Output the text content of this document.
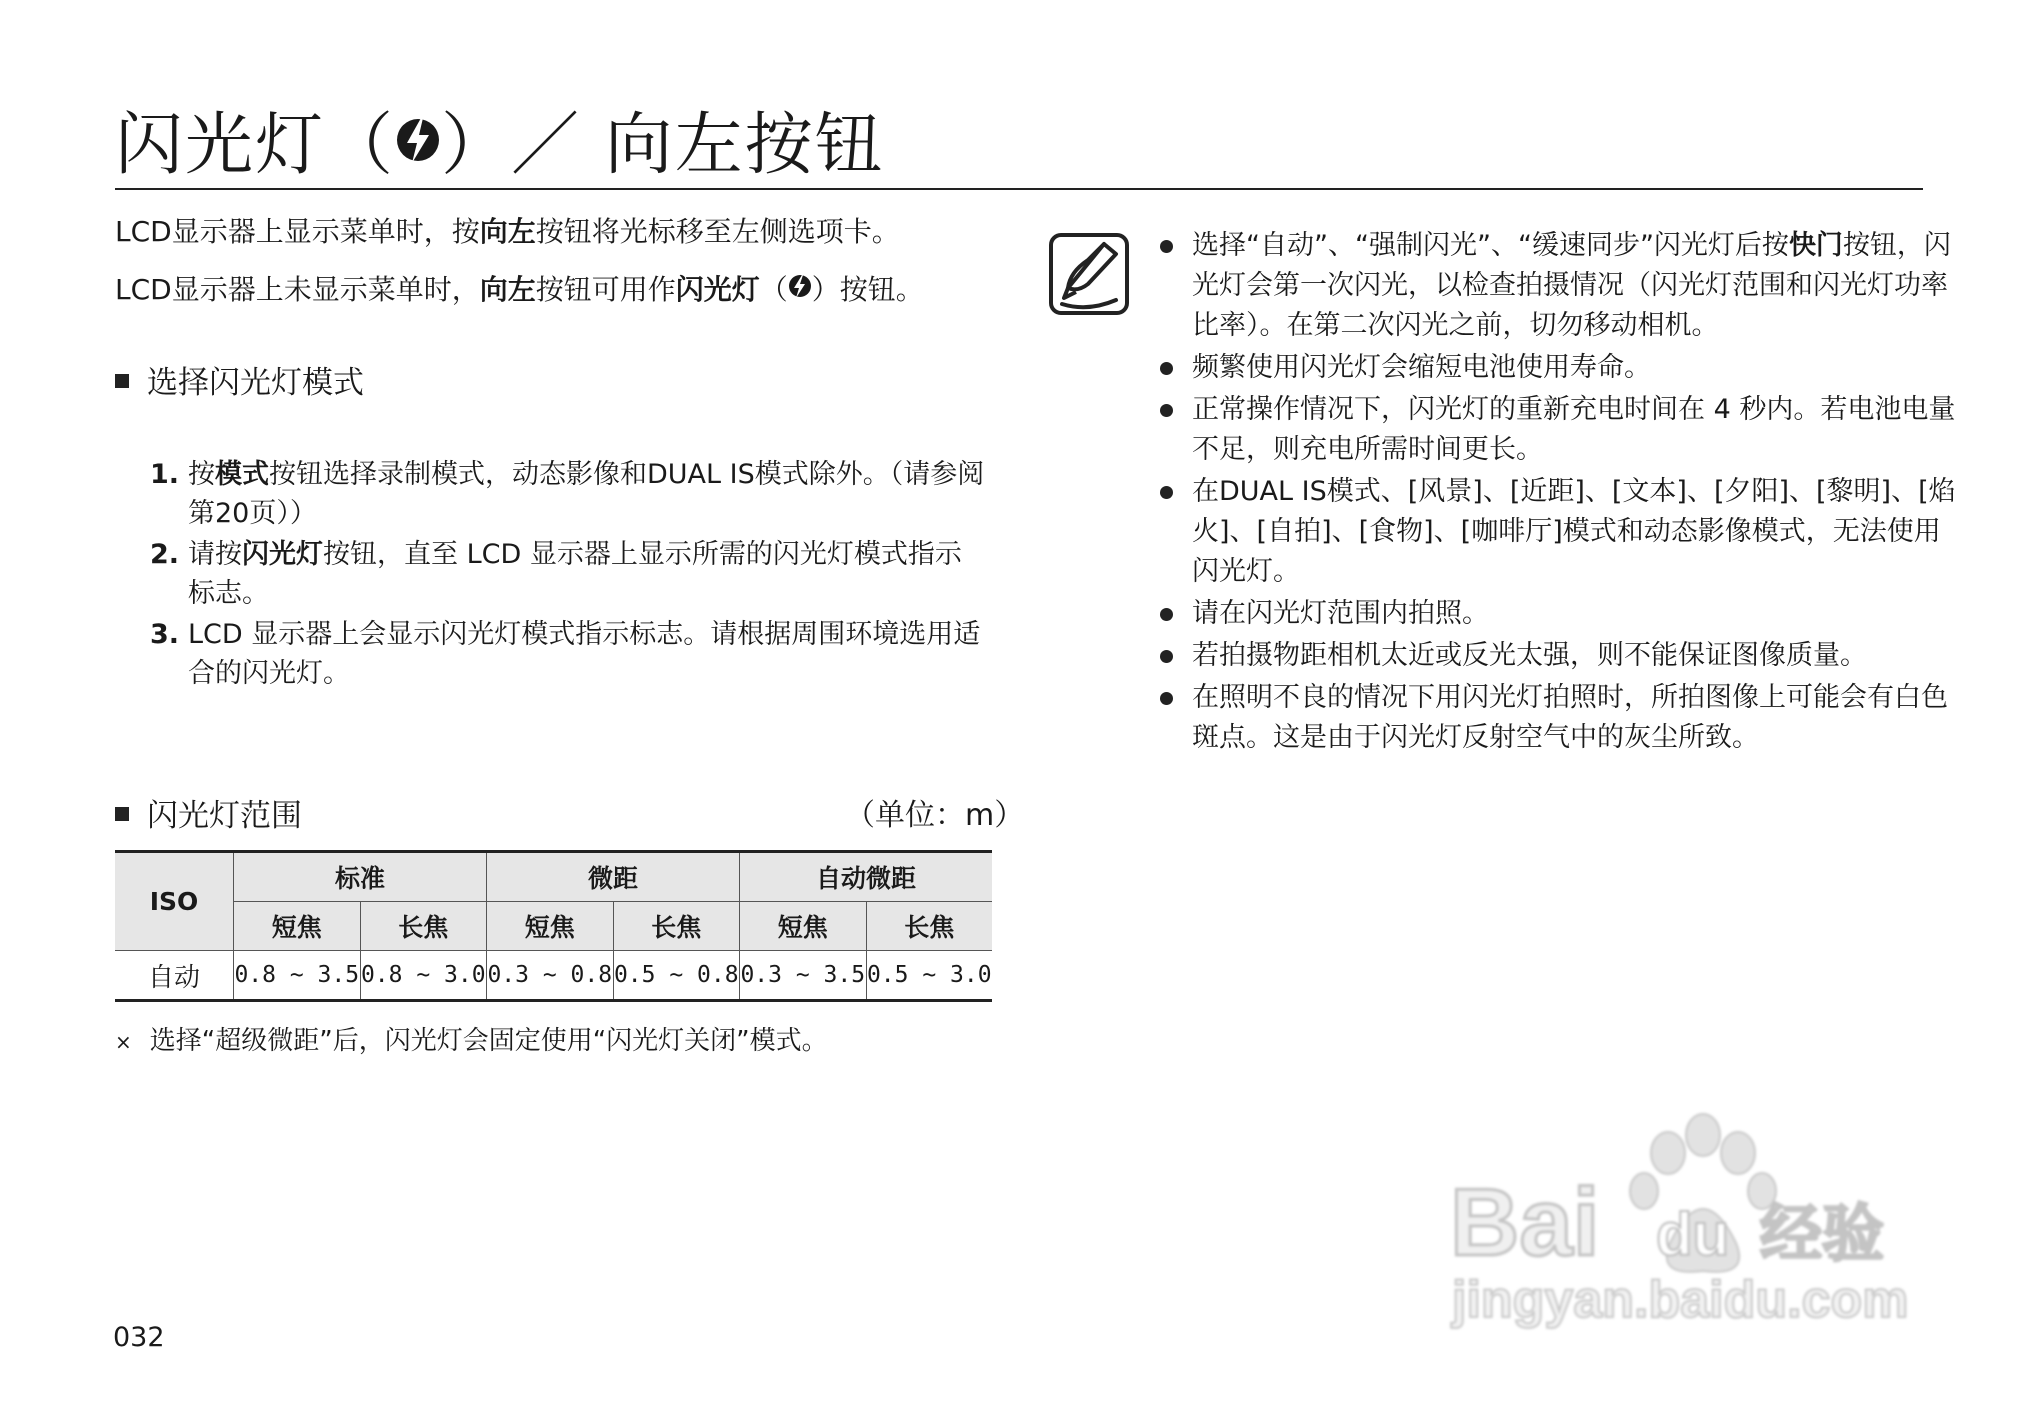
闪光灯（ ）／ 向左按钮
LCD显示器上显示菜单时，按向左按钮将光标移至左侧选项卡。
LCD显示器上未显示菜单时，向左按钮可用作闪光灯（ ）按钮。
选择闪光灯模式
1. 按模式按钮选择录制模式，动态影像和DUAL IS模式除外。（请参阅第20页））
2. 请按闪光灯按钮，直至 LCD 显示器上显示所需的闪光灯模式指示标志。
3. LCD 显示器上会显示闪光灯模式指示标志。请根据周围环境选用适合的闪光灯。
闪光灯范围	（单位：m）
ISO	标准		微距		自动微距	
	短焦	长焦	短焦	长焦	短焦	长焦
自动	0.8 ~ 3.5	0.8 ~ 3.0	0.3 ~ 0.8	0.5 ~ 0.8	0.3 ~ 3.5	0.5 ~ 3.0
× 选择“超级微距”后，闪光灯会固定使用“闪光灯关闭”模式。
选择“自动”、“强制闪光”、“缓速同步”闪光灯后按快门按钮，闪光灯会第一次闪光，以检查拍摄情况（闪光灯范围和闪光灯功率比率）。在第二次闪光之前，切勿移动相机。
频繁使用闪光灯会缩短电池使用寿命。
正常操作情况下，闪光灯的重新充电时间在 4 秒内。若电池电量不足，则充电所需时间更长。
在DUAL IS模式、[风景]、[近距]、[文本]、[夕阳]、[黎明]、[焰火]、[自拍]、[食物]、[咖啡厅]模式和动态影像模式，无法使用闪光灯。
请在闪光灯范围内拍照。
若拍摄物距相机太近或反光太强，则不能保证图像质量。
在照明不良的情况下用闪光灯拍照时，所拍图像上可能会有白色斑点。这是由于闪光灯反射空气中的灰尘所致。
032
Bai du 经验
jingyan.baidu.com
